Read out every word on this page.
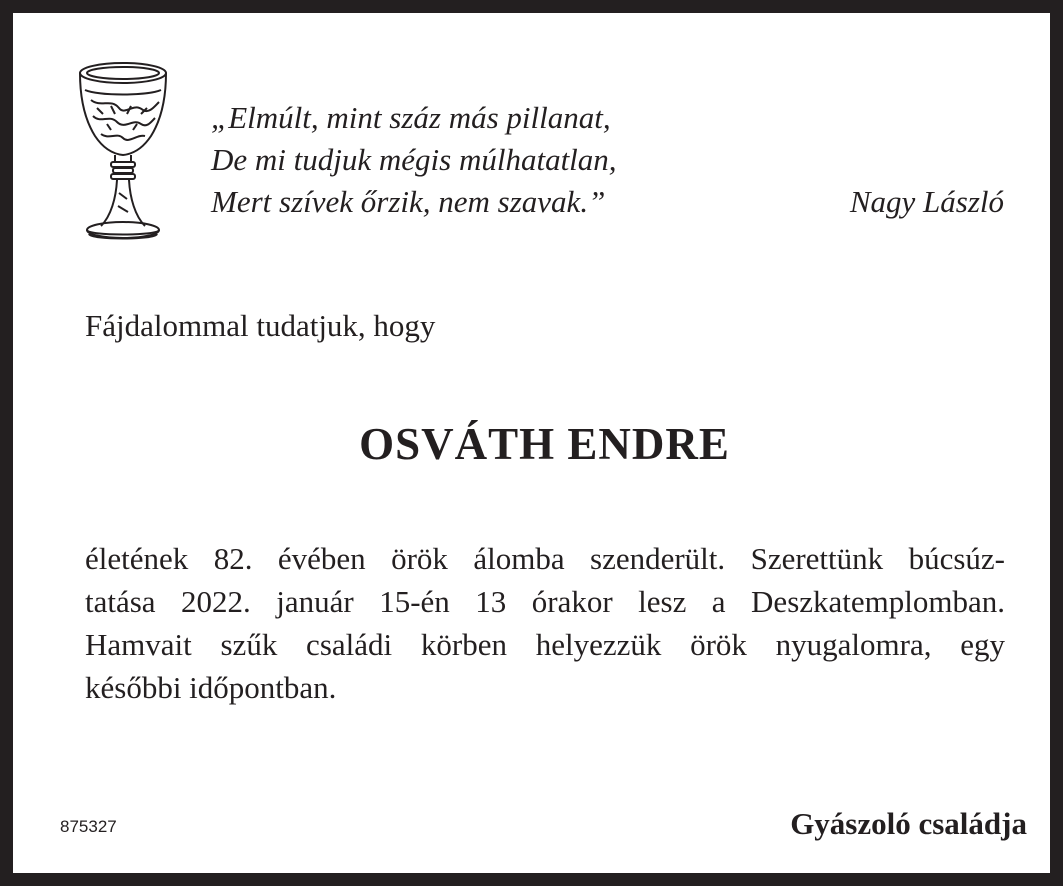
„Elmúlt, mint száz más pillanat,
De mi tudjuk mégis múlhatatlan,
Mert szívek őrzik, nem szavak.”	Nagy László
Fájdalommal tudatjuk, hogy
OSVÁTH ENDRE
életének 82. évében örök álomba szenderült. Szerettünk búcsúz-
tatása 2022. január 15-én 13 órakor lesz a Deszkatemplomban.
Hamvait szűk családi körben helyezzük örök nyugalomra, egy
későbbi időpontban.
875327	Gyászoló családja
